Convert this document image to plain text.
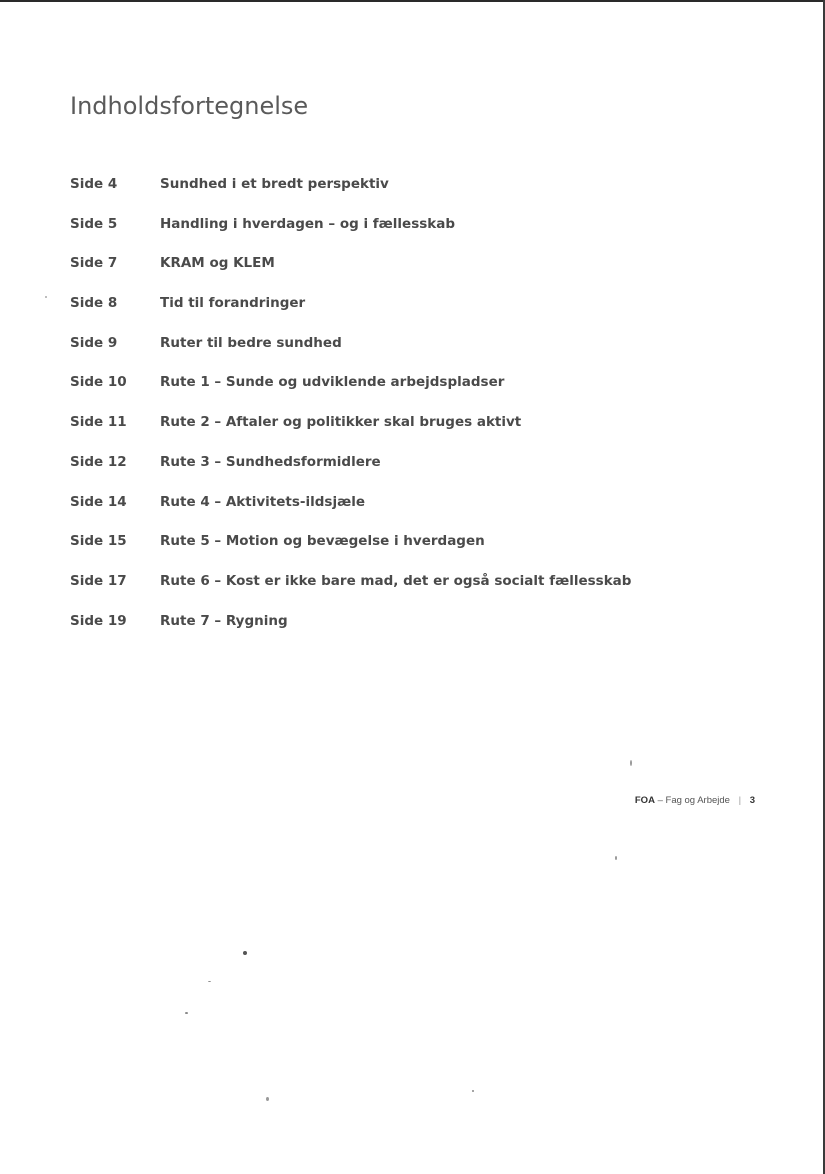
Indholdsfortegnelse
Side 4	Sundhed i et bredt perspektiv
Side 5	Handling i hverdagen – og i fællesskab
Side 7	KRAM og KLEM
Side 8	Tid til forandringer
Side 9	Ruter til bedre sundhed
Side 10 Rute 1 – Sunde og udviklende arbejdspladser
Side 11 Rute 2 – Aftaler og politikker skal bruges aktivt
Side 12 Rute 3 – Sundhedsformidlere
Side 14 Rute 4 – Aktivitets-ildsjæle
Side 15 Rute 5 – Motion og bevægelse i hverdagen
Side 17 Rute 6 – Kost er ikke bare mad, det er også socialt fællesskab
Side 19 Rute 7 – Rygning
FOA – Fag og Arbejde | 3
